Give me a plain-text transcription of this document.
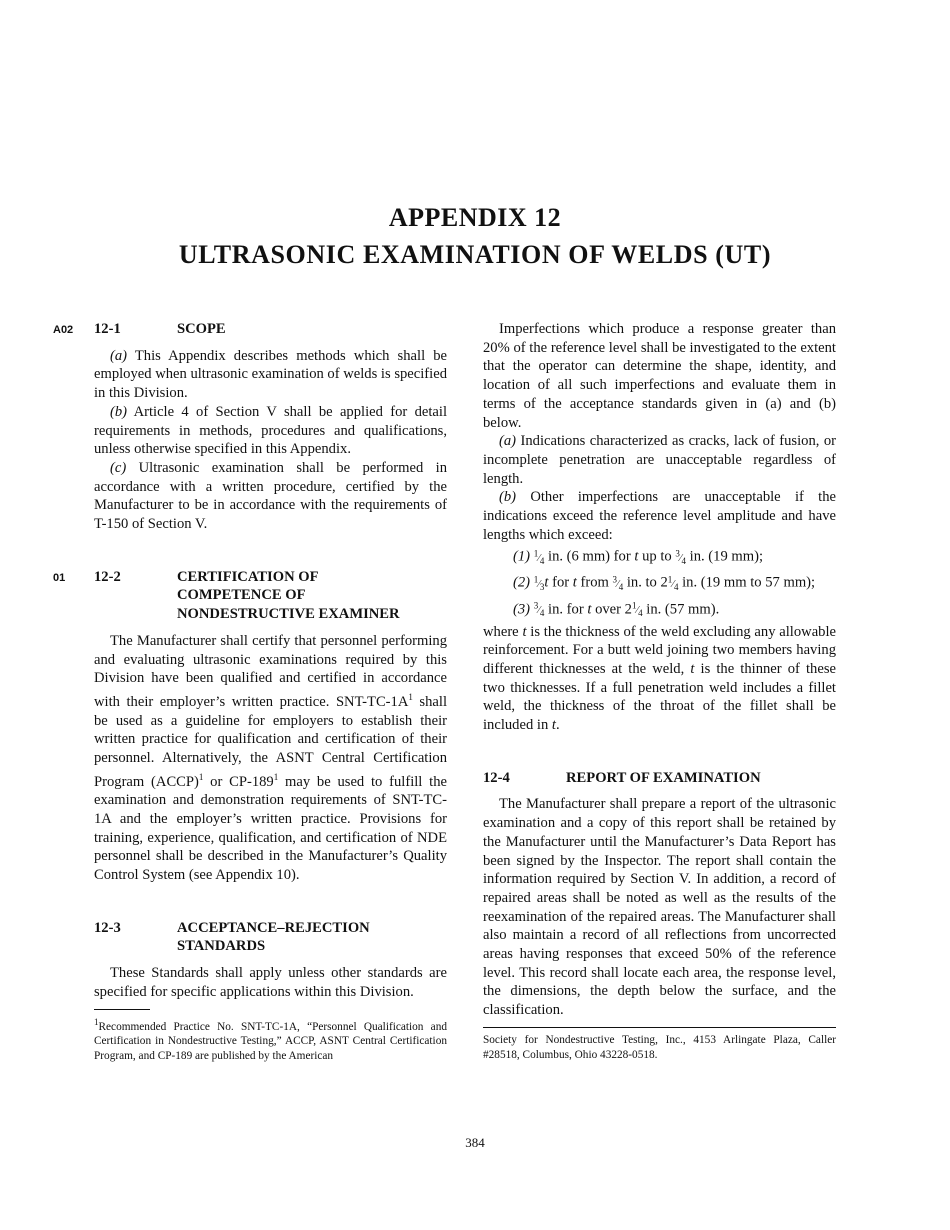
APPENDIX 12
ULTRASONIC EXAMINATION OF WELDS (UT)
A02 12-1	SCOPE

(a) This Appendix describes methods which shall be employed when ultrasonic examination of welds is specified in this Division.

(b) Article 4 of Section V shall be applied for detail requirements in methods, procedures and qualifications, unless otherwise specified in this Appendix.

(c) Ultrasonic examination shall be performed in accordance with a written procedure, certified by the Manufacturer to be in accordance with the requirements of T-150 of Section V.

01 12-2	CERTIFICATION OF
COMPETENCE OF
NONDESTRUCTIVE EXAMINER

The Manufacturer shall certify that personnel performing and evaluating ultrasonic examinations required by this Division have been qualified and certified in accordance with their employer’s written practice. SNT-$TC-1A^1$ shall be used as a guideline for employers to establish their written practice for qualification and certification of their personnel. Alternatively, the ASNT Central Certification Program (ACCP)$^1$ or $CP-189^1$ may be used to fulfill the examination and demonstration requirements of SNT-TC-1A and the employer’s written practice. Provisions for training, experience, qualification, and certification of NDE personnel shall be described in the Manufacturer’s Quality Control System (see Appendix 10).

12-3	ACCEPTANCE–REJECTION
STANDARDS

These Standards shall apply unless other standards are specified for specific applications within this Division.

$^1$Recommended Practice No. SNT-TC-1A, “Personnel Qualification and Certification in Nondestructive Testing,” ACCP, ASNT Central Certification Program, and CP-189 are published by the American

Imperfections which produce a response greater than 20% of the reference level shall be investigated to the extent that the operator can determine the shape, identity, and location of all such imperfections and evaluate them in terms of the acceptance standards given in (a) and (b) below.

(a) Indications characterized as cracks, lack of fusion, or incomplete penetration are unacceptable regardless of length.

(b) Other imperfections are unacceptable if the indications exceed the reference level amplitude and have lengths which exceed:

(1) $^1⁄_4$ in. (6 mm) for t up to $^3⁄_4$ in. (19 mm);

(2) $^1⁄_3t$ for t from $^3⁄_4$ in. to $2^1⁄_4$ in. (19 mm to 57 mm);

(3) $^3⁄_4$ in. for t over $2^1⁄_4$ in. (57 mm).

where t is the thickness of the weld excluding any allowable reinforcement. For a butt weld joining two members having different thicknesses at the weld, t is the thinner of these two thicknesses. If a full penetration weld includes a fillet weld, the thickness of the throat of the fillet shall be included in t.

12-4	REPORT OF EXAMINATION

The Manufacturer shall prepare a report of the ultrasonic examination and a copy of this report shall be retained by the Manufacturer until the Manufacturer’s Data Report has been signed by the Inspector. The report shall contain the information required by Section V. In addition, a record of repaired areas shall be noted as well as the results of the reexamination of the repaired areas. The Manufacturer shall also maintain a record of all reflections from uncorrected areas having responses that exceed 50% of the reference level. This record shall locate each area, the response level, the dimensions, the depth below the surface, and the classification.

Society for Nondestructive Testing, Inc., 4153 Arlingate Plaza, Caller #28518, Columbus, Ohio 43228-0518.

384
